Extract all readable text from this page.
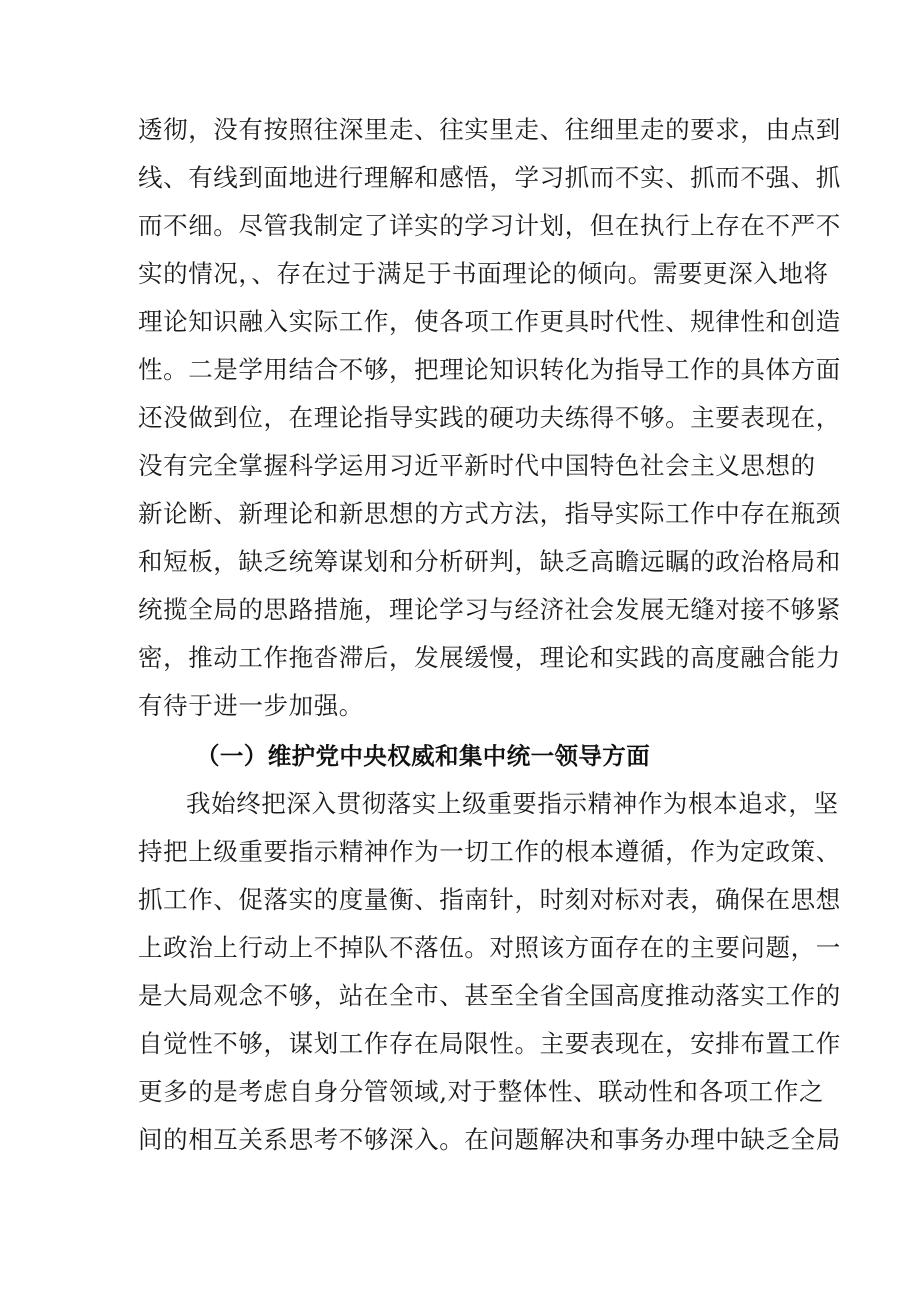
透彻，没有按照往深里走、往实里走、往细里走的要求，由点到
线、有线到面地进行理解和感悟，学习抓而不实、抓而不强、抓
而不细。尽管我制定了详实的学习计划，但在执行上存在不严不
实的情况，、存在过于满足于书面理论的倾向。需要更深入地将
理论知识融入实际工作，使各项工作更具时代性、规律性和创造
性。二是学用结合不够，把理论知识转化为指导工作的具体方面
还没做到位，在理论指导实践的硬功夫练得不够。主要表现在，
没有完全掌握科学运用习近平新时代中国特色社会主义思想的
新论断、新理论和新思想的方式方法，指导实际工作中存在瓶颈
和短板，缺乏统筹谋划和分析研判，缺乏高瞻远瞩的政治格局和
统揽全局的思路措施，理论学习与经济社会发展无缝对接不够紧
密，推动工作拖沓滞后，发展缓慢，理论和实践的高度融合能力
有待于进一步加强。
（一）维护党中央权威和集中统一领导方面
我始终把深入贯彻落实上级重要指示精神作为根本追求，坚
持把上级重要指示精神作为一切工作的根本遵循，作为定政策、
抓工作、促落实的度量衡、指南针，时刻对标对表，确保在思想
上政治上行动上不掉队不落伍。对照该方面存在的主要问题，一
是大局观念不够，站在全市、甚至全省全国高度推动落实工作的
自觉性不够，谋划工作存在局限性。主要表现在，安排布置工作
更多的是考虑自身分管领域,对于整体性、联动性和各项工作之
间的相互关系思考不够深入。在问题解决和事务办理中缺乏全局
